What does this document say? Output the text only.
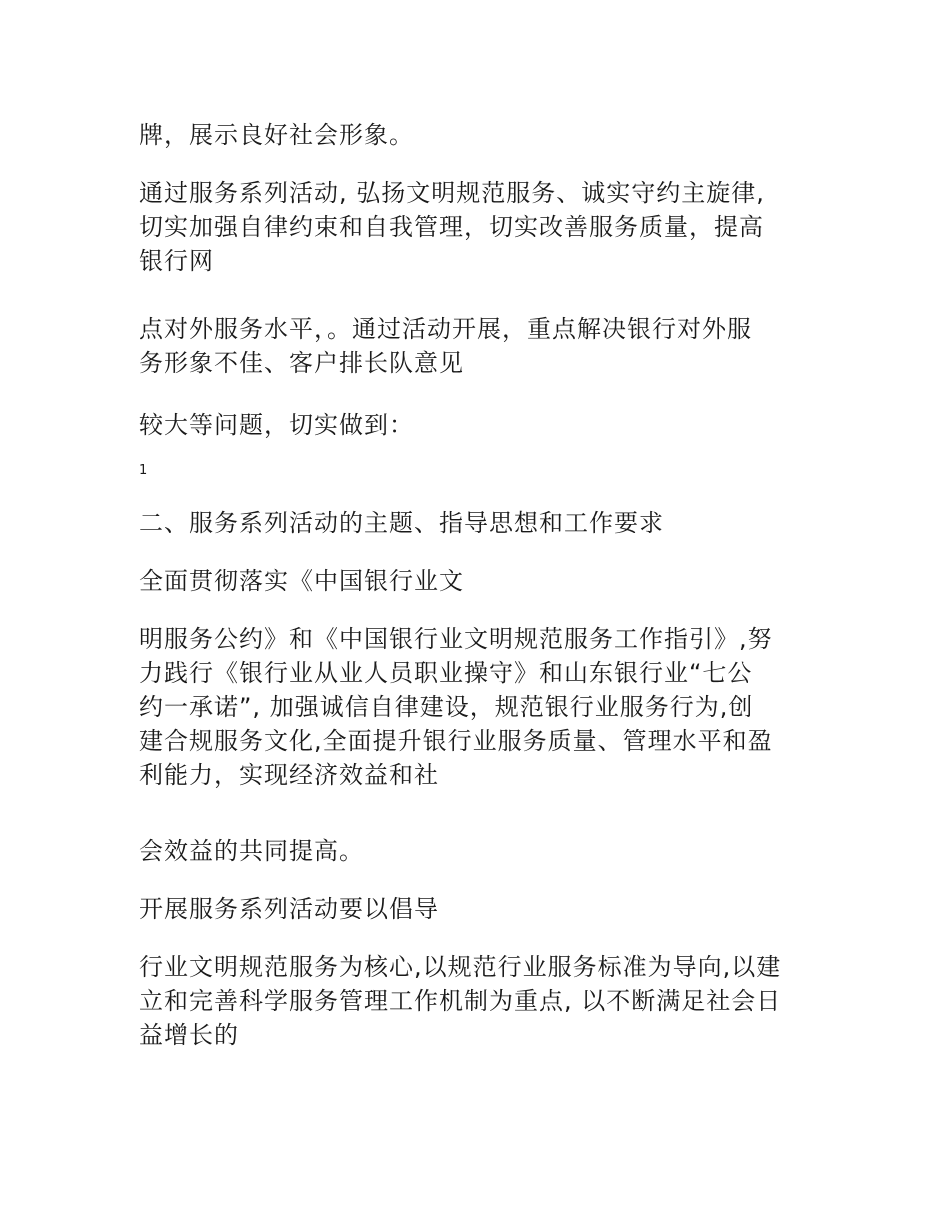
牌，展示良好社会形象。

通过服务系列活动, 弘扬文明规范服务、诚实守约主旋律,
切实加强自律约束和自我管理，切实改善服务质量，提高
银行网

点对外服务水平，。通过活动开展，重点解决银行对外服
务形象不佳、客户排长队意见

较大等问题，切实做到：

1

二、服务系列活动的主题、指导思想和工作要求

全面贯彻落实《中国银行业文

明服务公约》和《中国银行业文明规范服务工作指引》,努
力践行《银行业从业人员职业操守》和山东银行业“七公
约一承诺”, 加强诚信自律建设，规范银行业服务行为,创
建合规服务文化,全面提升银行业服务质量、管理水平和盈
利能力，实现经济效益和社

会效益的共同提高。

开展服务系列活动要以倡导

行业文明规范服务为核心,以规范行业服务标准为导向,以建
立和完善科学服务管理工作机制为重点, 以不断满足社会日
益增长的
